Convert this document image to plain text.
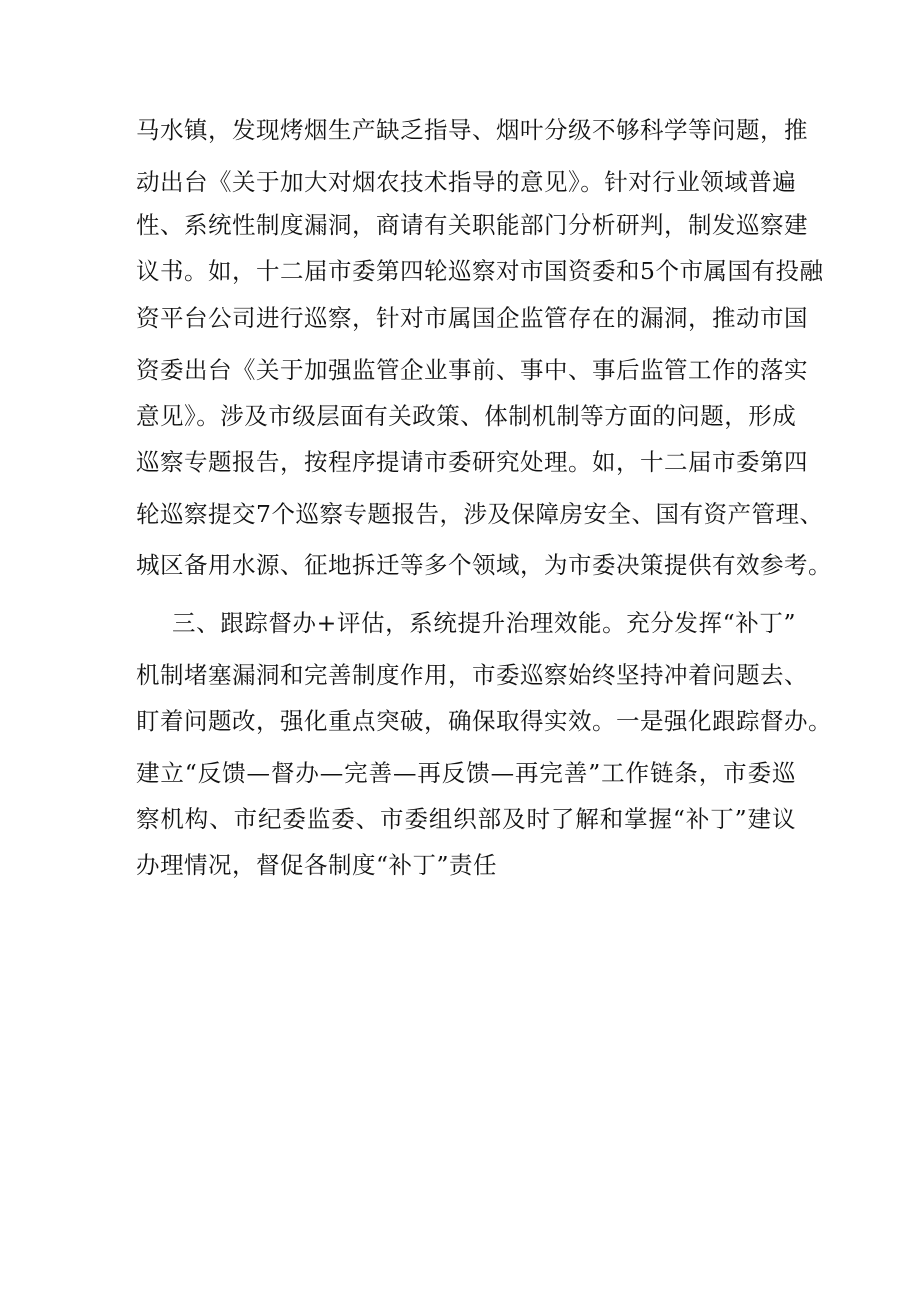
马水镇，发现烤烟生产缺乏指导、烟叶分级不够科学等问题，推
动出台《关于加大对烟农技术指导的意见》。针对行业领域普遍
性、系统性制度漏洞，商请有关职能部门分析研判，制发巡察建
议书。如，十二届市委第四轮巡察对市国资委和5个市属国有投融
资平台公司进行巡察，针对市属国企监管存在的漏洞，推动市国
资委出台《关于加强监管企业事前、事中、事后监管工作的落实
意见》。涉及市级层面有关政策、体制机制等方面的问题，形成
巡察专题报告，按程序提请市委研究处理。如，十二届市委第四
轮巡察提交7个巡察专题报告，涉及保障房安全、国有资产管理、
城区备用水源、征地拆迁等多个领域，为市委决策提供有效参考。
三、跟踪督办+评估，系统提升治理效能。充分发挥“补丁”
机制堵塞漏洞和完善制度作用，市委巡察始终坚持冲着问题去、
盯着问题改，强化重点突破，确保取得实效。一是强化跟踪督办。
建立“反馈—督办—完善—再反馈—再完善”工作链条，市委巡
察机构、市纪委监委、市委组织部及时了解和掌握“补丁”建议
办理情况，督促各制度“补丁”责任
